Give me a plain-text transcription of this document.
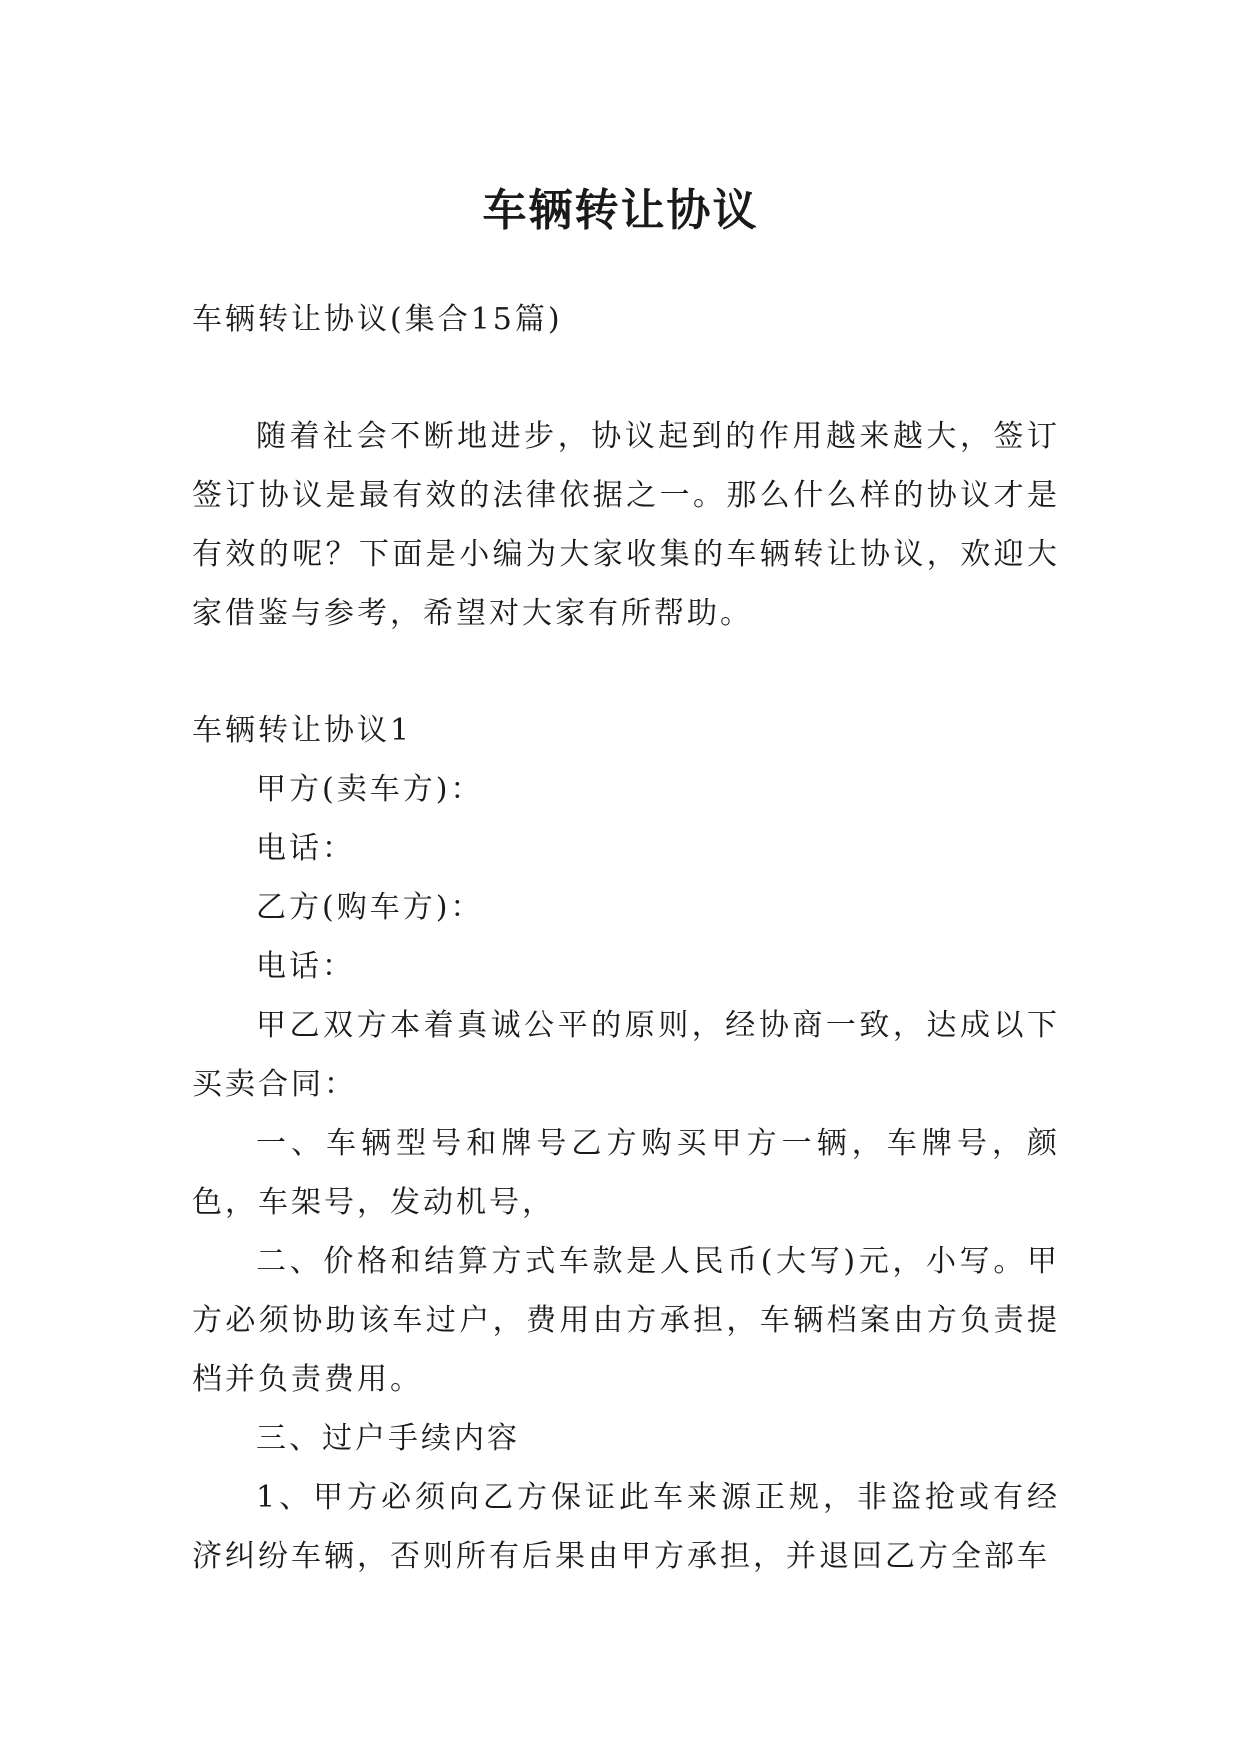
车辆转让协议

车辆转让协议(集合15篇)

随着社会不断地进步，协议起到的作用越来越大，签订签订协议是最有效的法律依据之一。那么什么样的协议才是有效的呢？下面是小编为大家收集的车辆转让协议，欢迎大家借鉴与参考，希望对大家有所帮助。

车辆转让协议1

甲方(卖车方)：

电话：

乙方(购车方)：

电话：

甲乙双方本着真诚公平的原则，经协商一致，达成以下买卖合同：

一、车辆型号和牌号乙方购买甲方一辆，车牌号，颜色，车架号，发动机号，

二、价格和结算方式车款是人民币(大写)元，小写。甲方必须协助该车过户，费用由方承担，车辆档案由方负责提档并负责费用。

三、过户手续内容

1、甲方必须向乙方保证此车来源正规，非盗抢或有经济纠纷车辆，否则所有后果由甲方承担，并退回乙方全部车
